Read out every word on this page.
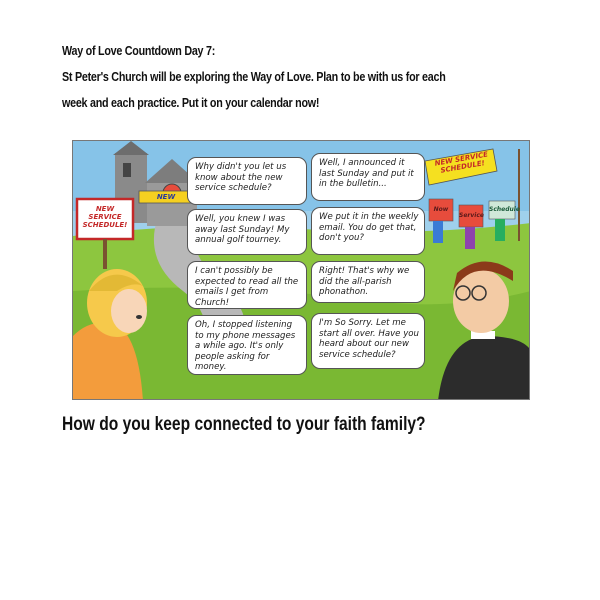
Way of Love Countdown Day 7:
St Peter's Church will be exploring the Way of Love. Plan to be with us for each
week and each practice. Put it on your calendar now!
NEW SERVICE SCHEDULE!
NEW
NEW SERVICE SCHEDULE!
Now
Service
Schedule
Why didn't you let us know about the new service schedule?
Well, I announced it last Sunday and put it in the bulletin...
Well, you knew I was away last Sunday! My annual golf tourney.
We put it in the weekly email. You do get that, don't you?
I can't possibly be expected to read all the emails I get from Church!
Right! That's why we did the all-parish phonathon.
Oh, I stopped listening to my phone messages a while ago. It's only people asking for money.
I'm So Sorry. Let me start all over. Have you heard about our new service schedule?
How do you keep connected to your faith family?
